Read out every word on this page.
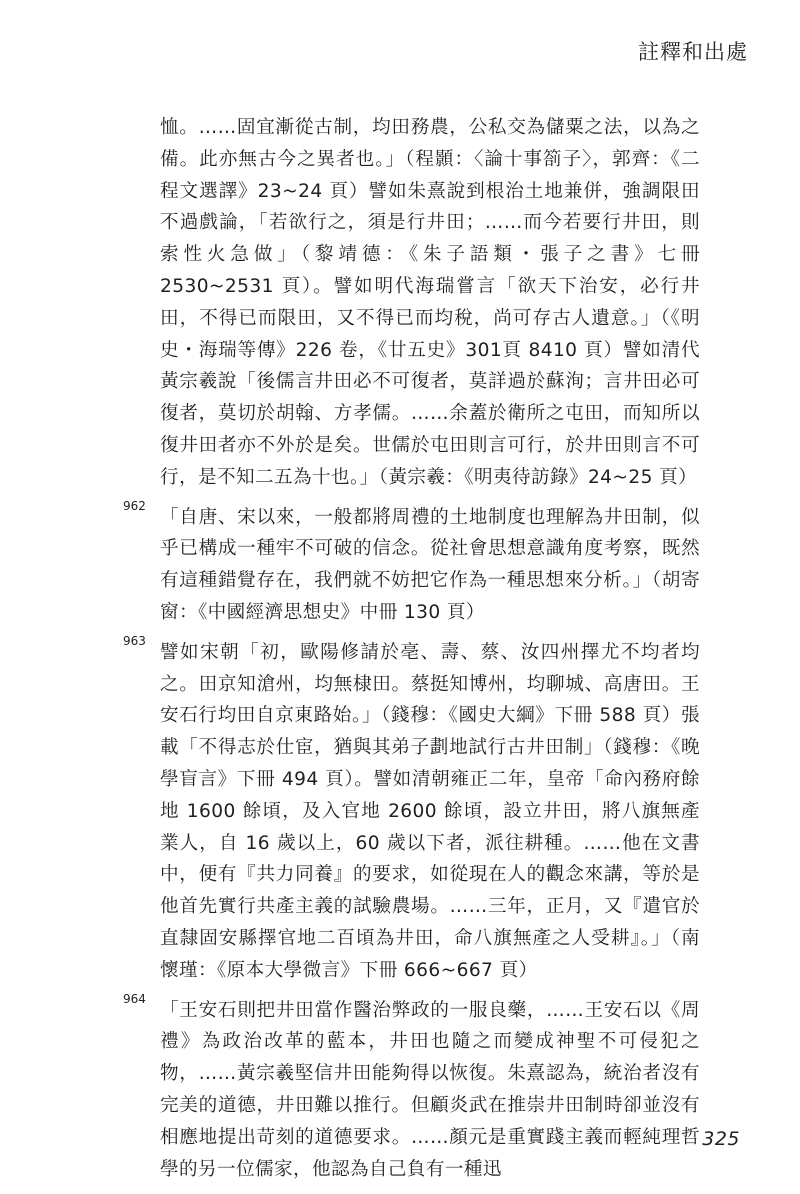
註釋和出處

恤。……固宜漸從古制，均田務農，公私交為儲粟之法，以為之備。此亦無古今之異者也。」（程顥：〈論十事箚子〉，郭齊：《二程文選譯》23~24 頁）譬如朱熹說到根治土地兼併，強調限田不過戲論，「若欲行之，須是行井田；……而今若要行井田，則索性火急做」（黎靖德：《朱子語類・張子之書》七冊 2530~2531 頁）。譬如明代海瑞嘗言「欲天下治安，必行井田，不得已而限田，又不得已而均稅，尚可存古人遺意。」（《明史・海瑞等傳》226 卷，《廿五史》301頁 8410 頁）譬如清代黃宗羲說「後儒言井田必不可復者，莫詳過於蘇洵；言井田必可復者，莫切於胡翰、方孝儒。……余蓋於衛所之屯田，而知所以復井田者亦不外於是矣。世儒於屯田則言可行，於井田則言不可行，是不知二五為十也。」（黃宗羲：《明夷待訪錄》24~25 頁）

962

「自唐、宋以來，一般都將周禮的土地制度也理解為井田制，似乎已構成一種牢不可破的信念。從社會思想意識角度考察，既然有這種錯覺存在，我們就不妨把它作為一種思想來分析。」（胡寄窗：《中國經濟思想史》中冊 130 頁）

963

譬如宋朝「初，歐陽修請於亳、壽、蔡、汝四州擇尤不均者均之。田京知滄州，均無棣田。蔡挺知博州，均聊城、高唐田。王安石行均田自京東路始。」（錢穆：《國史大綱》下冊 588 頁）張載「不得志於仕宦，猶與其弟子劃地試行古井田制」（錢穆：《晚學盲言》下冊 494 頁）。譬如清朝雍正二年，皇帝「命內務府餘地 1600 餘頃，及入官地 2600 餘頃，設立井田，將八旗無產業人，自 16 歲以上，60 歲以下者，派往耕種。……他在文書中，便有『共力同養』的要求，如從現在人的觀念來講，等於是他首先實行共產主義的試驗農場。……三年，正月，又『遣官於直隸固安縣擇官地二百頃為井田，命八旗無產之人受耕』。」（南懷瑾：《原本大學微言》下冊 666~667 頁）

964

「王安石則把井田當作醫治弊政的一服良藥，……王安石以《周禮》為政治改革的藍本，井田也隨之而變成神聖不可侵犯之物，……黃宗羲堅信井田能夠得以恢復。朱熹認為，統治者沒有完美的道德，井田難以推行。但顧炎武在推崇井田制時卻並沒有相應地提出苛刻的道德要求。……顏元是重實踐主義而輕純理哲學的另一位儒家，他認為自己負有一種迅

325
